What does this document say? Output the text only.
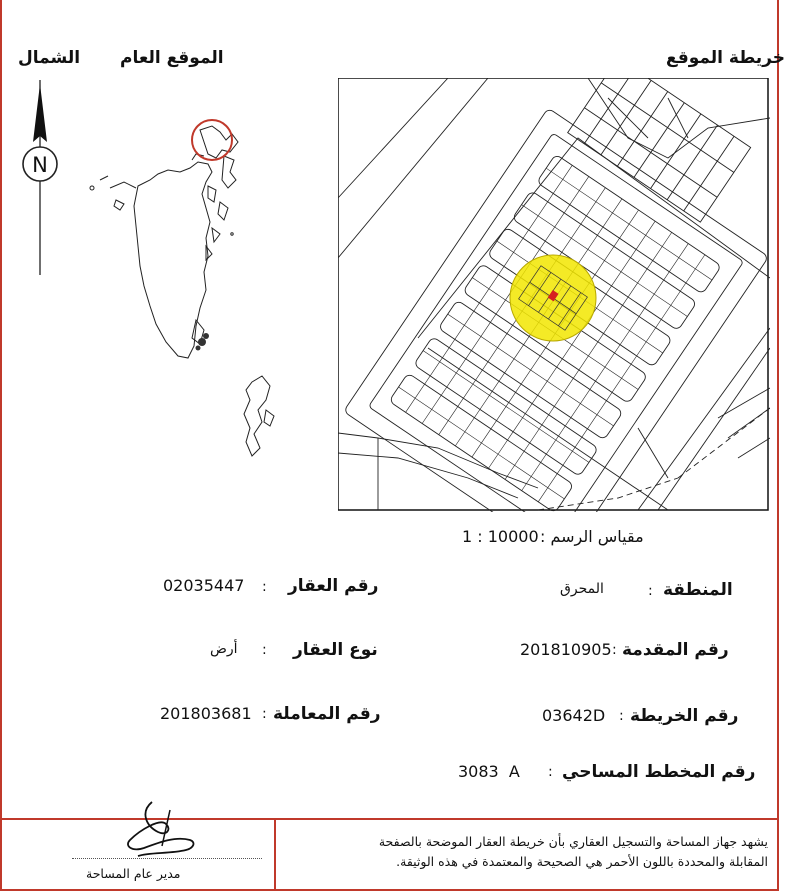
خريطة الموقع
الموقع العام
الشمال
N
مقياس الرسم :
1 : 10000
المنطقة
:
المحرق
رقم العقار
:
02035447
رقم المقدمة
201810905 :
نوع العقار
:
أرض
رقم الخريطة
:
03642D
رقم المعاملة
:
201803681
رقم المخطط المساحي
:
3083  A
يشهد جهاز المساحة والتسجيل العقاري بأن خريطة العقار الموضحة بالصفحة
المقابلة والمحددة باللون الأحمر هي الصحيحة والمعتمدة في هذه الوثيقة.
مدير عام المساحة
